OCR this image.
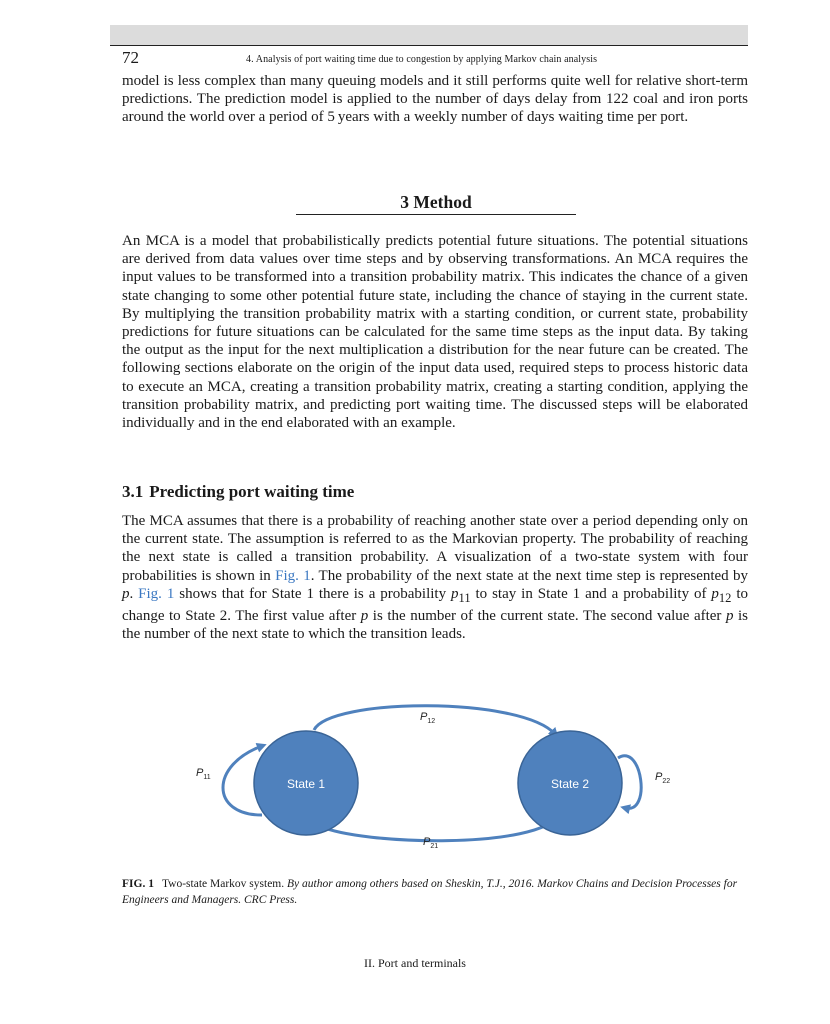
72	4. Analysis of port waiting time due to congestion by applying Markov chain analysis

model is less complex than many queuing models and it still performs quite well for relative short-term predictions. The prediction model is applied to the number of days delay from 122 coal and iron ports around the world over a period of 5 years with a weekly number of days waiting time per port.

3 Method

An MCA is a model that probabilistically predicts potential future situations. The potential situations are derived from data values over time steps and by observing transformations. An MCA requires the input values to be transformed into a transition probability matrix. This indicates the chance of a given state changing to some other potential future state, including the chance of staying in the current state. By multiplying the transition probability matrix with a starting condition, or current state, probability predictions for future situations can be calculated for the same time steps as the input data. By taking the output as the input for the next multiplication a distribution for the near future can be created. The following sections elaborate on the origin of the input data used, required steps to process historic data to execute an MCA, creating a transition probability matrix, creating a starting condition, applying the transition probability matrix, and predicting port waiting time. The discussed steps will be elaborated individually and in the end elaborated with an example.

3.1 Predicting port waiting time

The MCA assumes that there is a probability of reaching another state over a period depending only on the current state. The assumption is referred to as the Markovian property. The probability of reaching the next state is called a transition probability. A visualization of a two-state system with four probabilities is shown in Fig. 1. The probability of the next state at the next time step is represented by p. Fig. 1 shows that for State 1 there is a probability $p_{11}$ to stay in State 1 and a probability of $p_{12}$ to change to State 2. The first value after p is the number of the current state. The second value after p is the number of the next state to which the transition leads.

State 1	State 2
$P_{12}$
$P_{21}$
$P_{11}$	$P_{22}$

FIG. 1 Two-state Markov system. By author among others based on Sheskin, T.J., 2016. Markov Chains and Decision Processes for Engineers and Managers. CRC Press.

II. Port and terminals
